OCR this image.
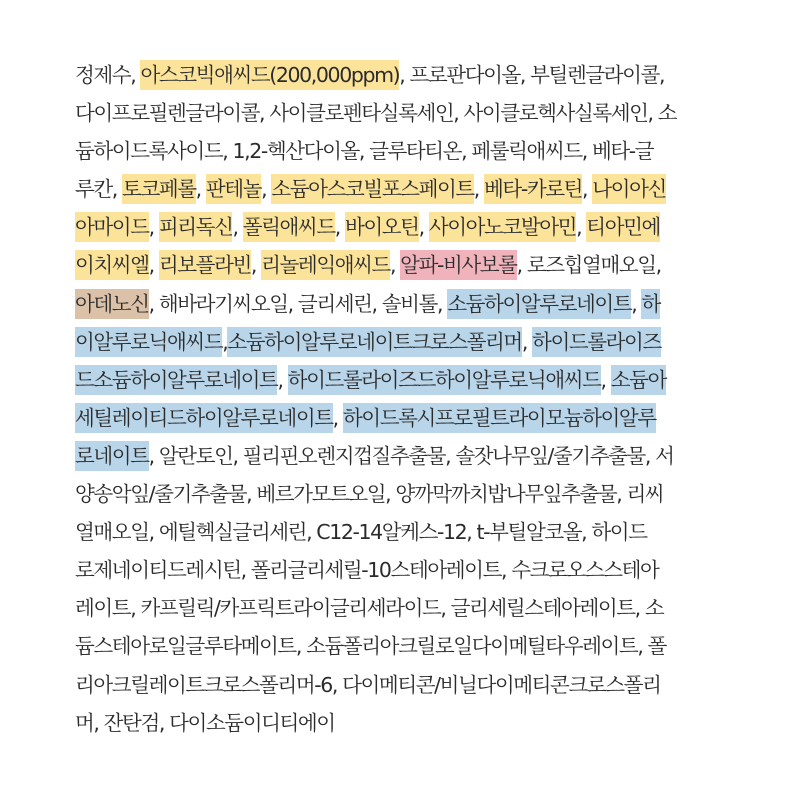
정제수, 아스코빅애씨드(200,000ppm), 프로판다이올, 부틸렌글라이콜,
다이프로필렌글라이콜, 사이클로펜타실록세인, 사이클로헥사실록세인, 소
듐하이드록사이드, 1,2-헥산다이올, 글루타티온, 페룰릭애씨드, 베타-글
루칸, 토코페롤, 판테놀, 소듐아스코빌포스페이트, 베타-카로틴, 나이아신
아마이드, 피리독신, 폴릭애씨드, 바이오틴, 사이아노코발아민, 티아민에
이치씨엘, 리보플라빈, 리놀레익애씨드, 알파-비사보롤, 로즈힙열매오일,
아데노신, 해바라기씨오일, 글리세린, 솔비톨, 소듐하이알루로네이트, 하
이알루로닉애씨드,소듐하이알루로네이트크로스폴리머, 하이드롤라이즈
드소듐하이알루로네이트, 하이드롤라이즈드하이알루로닉애씨드, 소듐아
세틸레이티드하이알루로네이트, 하이드록시프로필트라이모늄하이알루
로네이트, 알란토인, 필리핀오렌지껍질추출물, 솔잣나무잎/줄기추출물, 서
양송악잎/줄기추출물, 베르가모트오일, 양까막까치밥나무잎추출물, 리씨
열매오일, 에틸헥실글리세린, C12-14알케스-12, t-부틸알코올, 하이드
로제네이티드레시틴, 폴리글리세릴-10스테아레이트, 수크로오스스테아
레이트, 카프릴릭/카프릭트라이글리세라이드, 글리세릴스테아레이트, 소
듐스테아로일글루타메이트, 소듐폴리아크릴로일다이메틸타우레이트, 폴
리아크릴레이트크로스폴리머-6, 다이메티콘/비닐다이메티콘크로스폴리
머, 잔탄검, 다이소듐이디티에이
